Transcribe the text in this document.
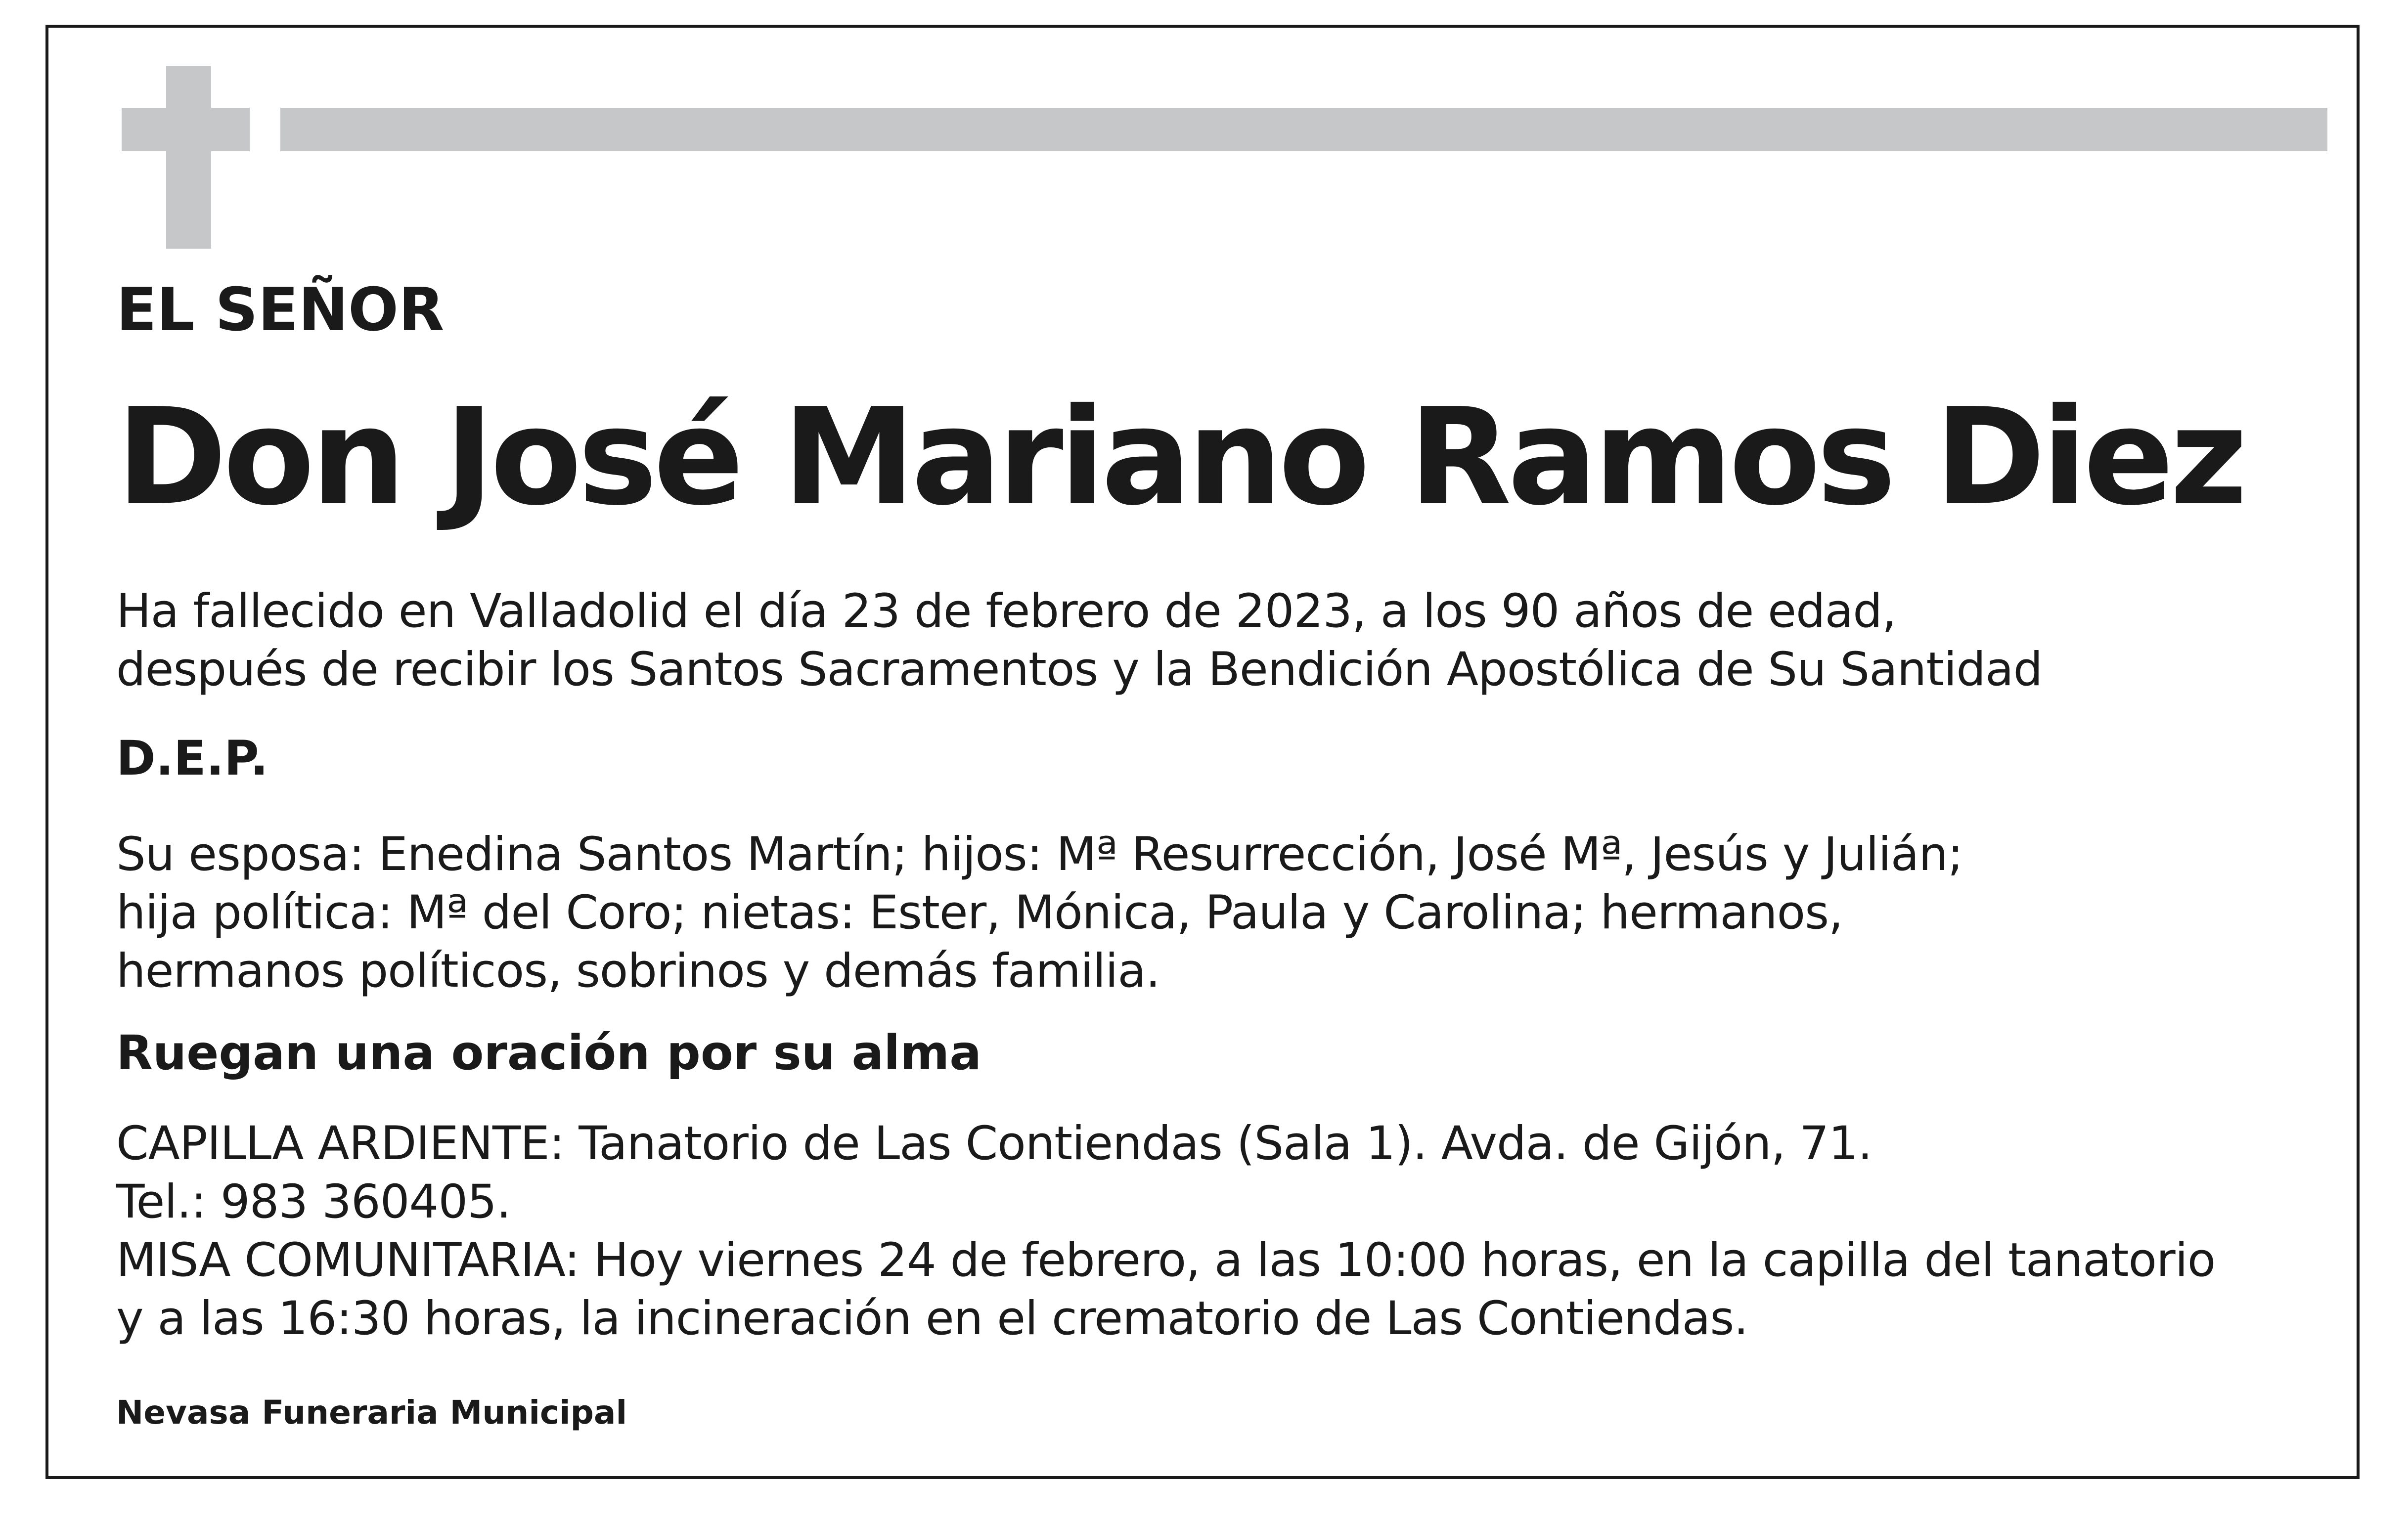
EL SEÑOR

Don José Mariano Ramos Diez

Ha fallecido en Valladolid el día 23 de febrero de 2023, a los 90 años de edad,
después de recibir los Santos Sacramentos y la Bendición Apostólica de Su Santidad

D.E.P.

Su esposa: Enedina Santos Martín; hijos: Mª Resurrección, José Mª, Jesús y Julián;
hija política: Mª del Coro; nietas: Ester, Mónica, Paula y Carolina; hermanos,
hermanos políticos, sobrinos y demás familia.

Ruegan una oración por su alma

CAPILLA ARDIENTE: Tanatorio de Las Contiendas (Sala 1). Avda. de Gijón, 71.
Tel.: 983 360405.
MISA COMUNITARIA: Hoy viernes 24 de febrero, a las 10:00 horas, en la capilla del tanatorio
y a las 16:30 horas, la incineración en el crematorio de Las Contiendas.

Nevasa Funeraria Municipal
